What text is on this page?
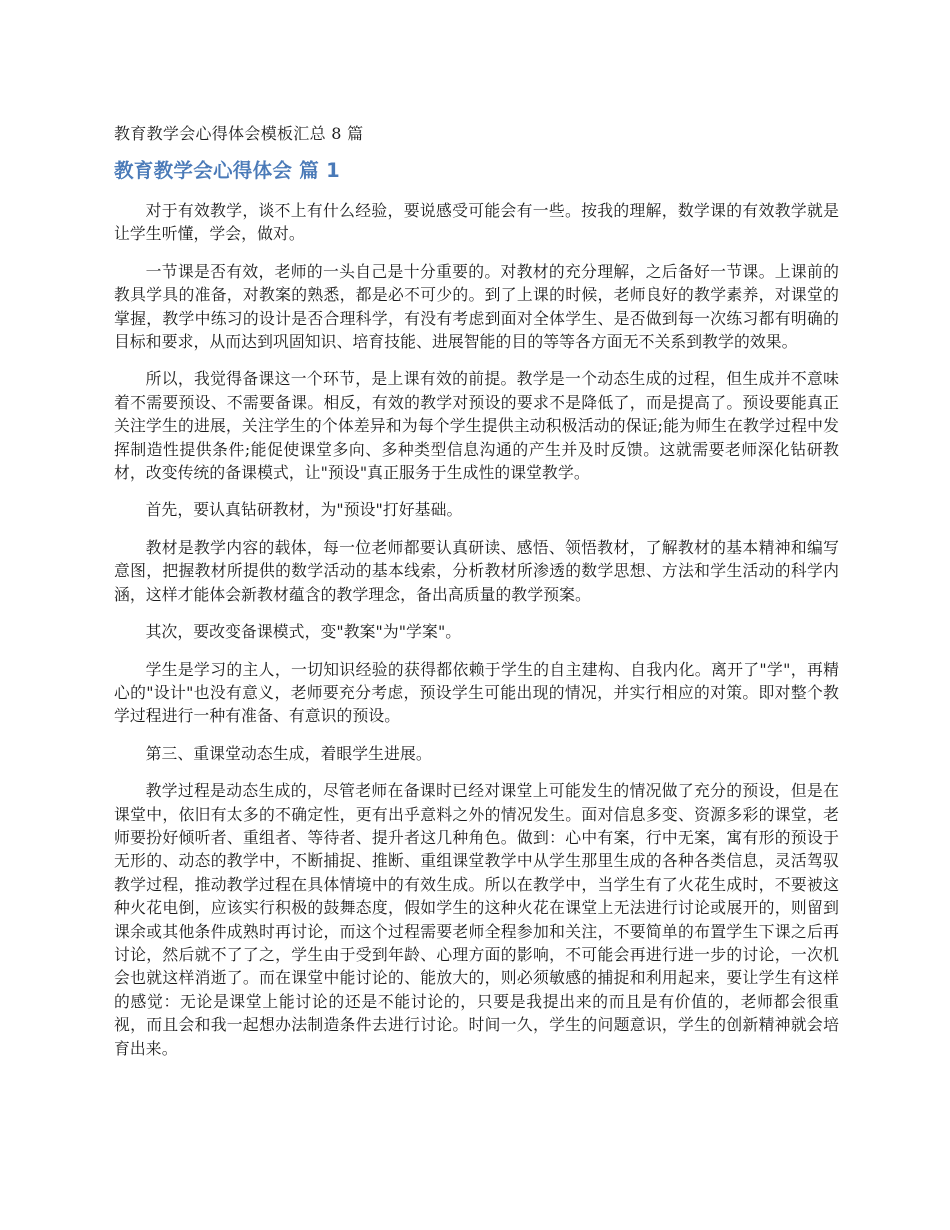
教育教学会心得体会模板汇总 8 篇
教育教学会心得体会 篇 1

对于有效教学，谈不上有什么经验，要说感受可能会有一些。按我的理解，数学课的有效教学就是让学生听懂，学会，做对。

一节课是否有效，老师的一头自己是十分重要的。对教材的充分理解，之后备好一节课。上课前的教具学具的准备，对教案的熟悉，都是必不可少的。到了上课的时候，老师良好的教学素养，对课堂的掌握，教学中练习的设计是否合理科学，有没有考虑到面对全体学生、是否做到每一次练习都有明确的目标和要求，从而达到巩固知识、培育技能、进展智能的目的等等各方面无不关系到教学的效果。

所以，我觉得备课这一个环节，是上课有效的前提。教学是一个动态生成的过程，但生成并不意味着不需要预设、不需要备课。相反，有效的教学对预设的要求不是降低了，而是提高了。预设要能真正关注学生的进展，关注学生的个体差异和为每个学生提供主动积极活动的保证;能为师生在教学过程中发挥制造性提供条件;能促使课堂多向、多种类型信息沟通的产生并及时反馈。这就需要老师深化钻研教材，改变传统的备课模式，让"预设"真正服务于生成性的课堂教学。

首先，要认真钻研教材，为"预设"打好基础。

教材是教学内容的载体，每一位老师都要认真研读、感悟、领悟教材，了解教材的基本精神和编写意图，把握教材所提供的数学活动的基本线索，分析教材所渗透的数学思想、方法和学生活动的科学内涵，这样才能体会新教材蕴含的教学理念，备出高质量的教学预案。

其次，要改变备课模式，变"教案"为"学案"。

学生是学习的主人，一切知识经验的获得都依赖于学生的自主建构、自我内化。离开了"学"，再精心的"设计"也没有意义，老师要充分考虑，预设学生可能出现的情况，并实行相应的对策。即对整个教学过程进行一种有准备、有意识的预设。

第三、重课堂动态生成，着眼学生进展。

教学过程是动态生成的，尽管老师在备课时已经对课堂上可能发生的情况做了充分的预设，但是在课堂中，依旧有太多的不确定性，更有出乎意料之外的情况发生。面对信息多变、资源多彩的课堂，老师要扮好倾听者、重组者、等待者、提升者这几种角色。做到：心中有案，行中无案，寓有形的预设于无形的、动态的教学中，不断捕捉、推断、重组课堂教学中从学生那里生成的各种各类信息，灵活驾驭教学过程，推动教学过程在具体情境中的有效生成。所以在教学中，当学生有了火花生成时，不要被这种火花电倒，应该实行积极的鼓舞态度，假如学生的这种火花在课堂上无法进行讨论或展开的，则留到课余或其他条件成熟时再讨论，而这个过程需要老师全程参加和关注，不要简单的布置学生下课之后再讨论，然后就不了了之，学生由于受到年龄、心理方面的影响，不可能会再进行进一步的讨论，一次机会也就这样消逝了。而在课堂中能讨论的、能放大的，则必须敏感的捕捉和利用起来，要让学生有这样的感觉：无论是课堂上能讨论的还是不能讨论的，只要是我提出来的而且是有价值的，老师都会很重视，而且会和我一起想办法制造条件去进行讨论。时间一久，学生的问题意识，学生的创新精神就会培育出来。
